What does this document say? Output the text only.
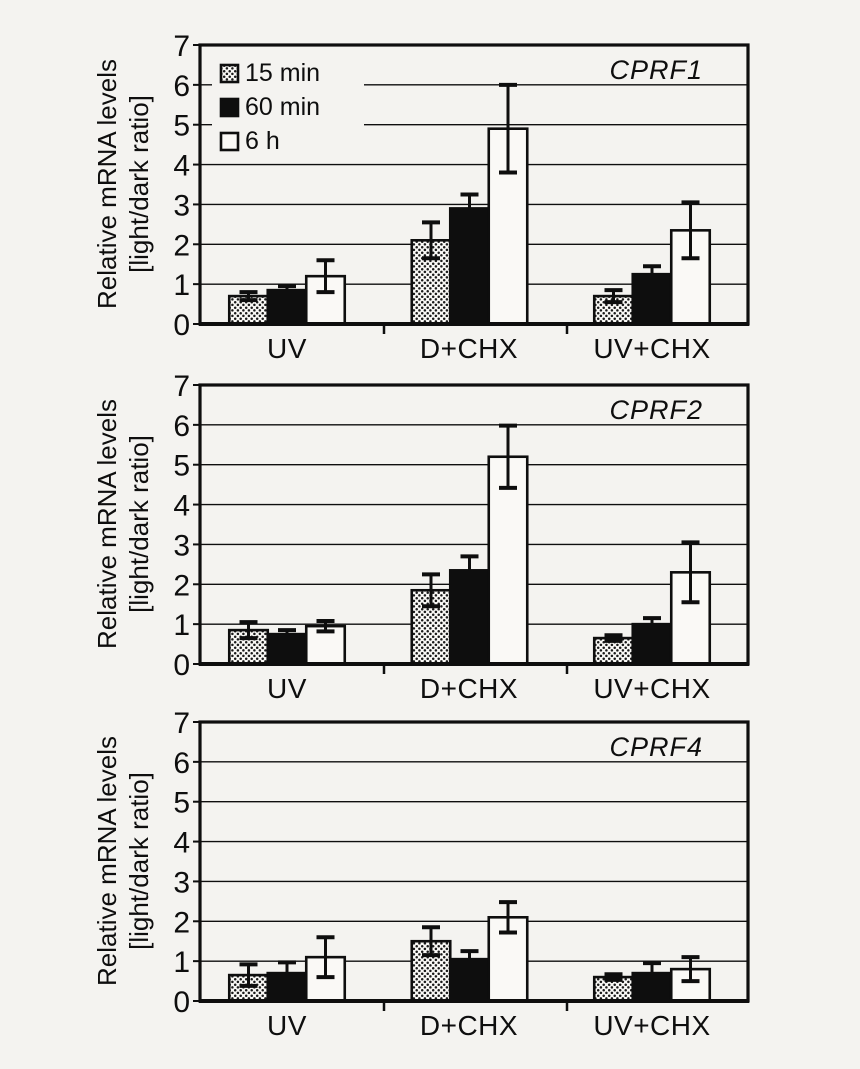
7
6
5
4
3
2
1
0
15 min
60 min
6 h
Relative mRNA levels [light/dark ratio]
CPRF1
UV	D+CHX	UV+CHX
7
6
5
4
3
2
1
0
Relative mRNA levels [light/dark ratio]
CPRF2
UV	D+CHX	UV+CHX
7
6
5
4
3
2
1
0
Relative mRNA levels [light/dark ratio]
CPRF4
UV	D+CHX	UV+CHX
